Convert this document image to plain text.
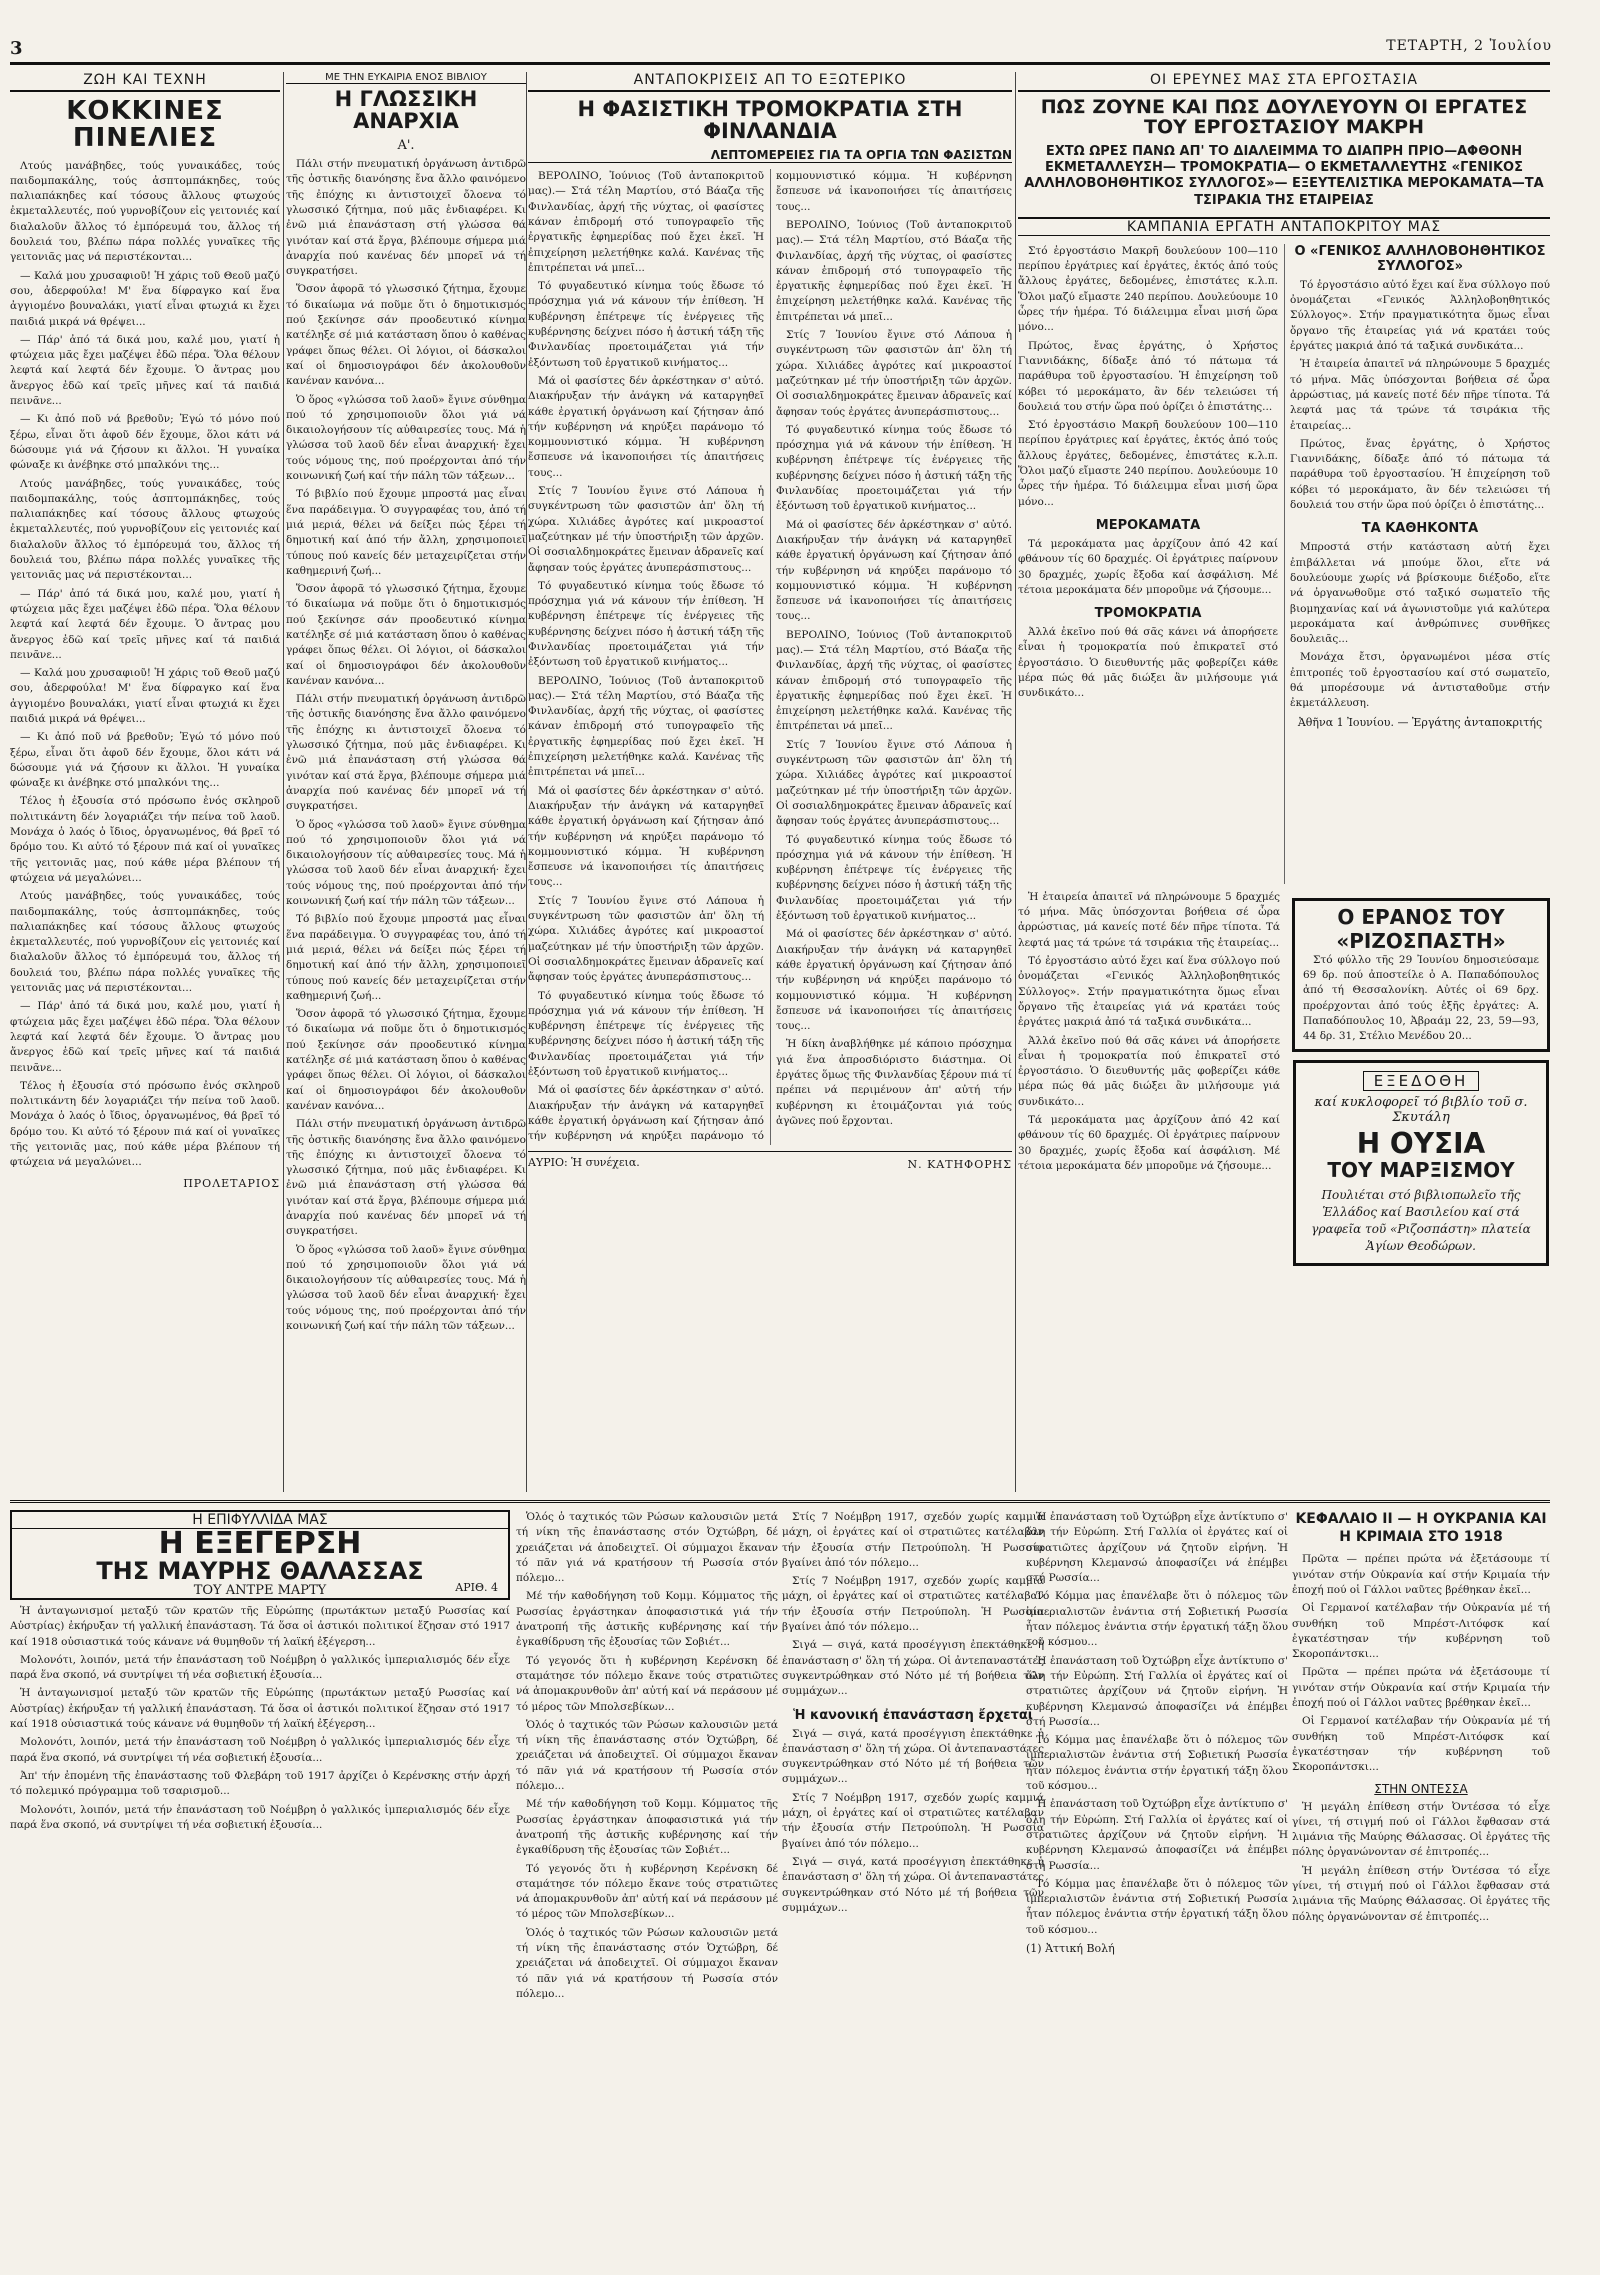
3	ΤΕΤΑΡΤΗ, 2 Ἰουλίου
ΖΩΗ ΚΑΙ ΤΕΧΝΗ
ΚΟΚΚΙΝΕΣ ΠΙΝΕΛΙΕΣ

Λτούς μανάβηδες, τούς γυναικάδες, τούς παιδομπακάλης, τούς ἀσπτομπάκηδες, τούς παλιαπάκηδες καί τόσους ἄλλους φτωχούς ἐκμεταλλευτές, πού γυρνοβίζουν εἰς γειτονιές καί διαλαλοῦν ἄλλος τό ἐμπόρευμά του, ἄλλος τή δουλειά του, βλέπω πάρα πολλές γυναῖκες τῆς γειτονιᾶς μας νά περιστέκονται...

— Καλά μου χρυσαφιοῦ! Ἡ χάρις τοῦ Θεοῦ μαζύ σου, ἀδερφούλα! Μ' ἕνα δίφραγκο καί ἕνα ἀγγιομένο βουναλάκι, γιατί εἶναι φτωχιά κι ἔχει παιδιά μικρά νά θρέψει...

— Πάρ' ἀπό τά δικά μου, καλέ μου, γιατί ἡ φτώχεια μᾶς ἔχει μαζέψει ἐδῶ πέρα. Ὅλα θέλουν λεφτά καί λεφτά δέν ἔχουμε. Ὁ ἄντρας μου ἄνεργος ἐδῶ καί τρεῖς μῆνες καί τά παιδιά πεινᾶνε...

— Κι ἀπό ποῦ νά βρεθοῦν; Ἐγώ τό μόνο πού ξέρω, εἶναι ὅτι ἀφοῦ δέν ἔχουμε, ὅλοι κάτι νά δώσουμε γιά νά ζήσουν κι ἄλλοι. Ἡ γυναίκα φώναξε κι ἀνέβηκε στό μπαλκόνι της...

Λτούς μανάβηδες, τούς γυναικάδες, τούς παιδομπακάλης, τούς ἀσπτομπάκηδες, τούς παλιαπάκηδες καί τόσους ἄλλους φτωχούς ἐκμεταλλευτές, πού γυρνοβίζουν εἰς γειτονιές καί διαλαλοῦν ἄλλος τό ἐμπόρευμά του, ἄλλος τή δουλειά του, βλέπω πάρα πολλές γυναῖκες τῆς γειτονιᾶς μας νά περιστέκονται...

— Πάρ' ἀπό τά δικά μου, καλέ μου, γιατί ἡ φτώχεια μᾶς ἔχει μαζέψει ἐδῶ πέρα. Ὅλα θέλουν λεφτά καί λεφτά δέν ἔχουμε. Ὁ ἄντρας μου ἄνεργος ἐδῶ καί τρεῖς μῆνες καί τά παιδιά πεινᾶνε...

— Καλά μου χρυσαφιοῦ! Ἡ χάρις τοῦ Θεοῦ μαζύ σου, ἀδερφούλα! Μ' ἕνα δίφραγκο καί ἕνα ἀγγιομένο βουναλάκι, γιατί εἶναι φτωχιά κι ἔχει παιδιά μικρά νά θρέψει...

— Κι ἀπό ποῦ νά βρεθοῦν; Ἐγώ τό μόνο πού ξέρω, εἶναι ὅτι ἀφοῦ δέν ἔχουμε, ὅλοι κάτι νά δώσουμε γιά νά ζήσουν κι ἄλλοι. Ἡ γυναίκα φώναξε κι ἀνέβηκε στό μπαλκόνι της...

Τέλος ἡ ἐξουσία στό πρόσωπο ἐνός σκληροῦ πολιτικάντη δέν λογαριάζει τήν πείνα τοῦ λαοῦ. Μονάχα ὁ λαός ὁ ἴδιος, ὀργανωμένος, θά βρεῖ τό δρόμο του. Κι αὐτό τό ξέρουν πιά καί οἱ γυναῖκες τῆς γειτονιᾶς μας, πού κάθε μέρα βλέπουν τή φτώχεια νά μεγαλώνει...

Λτούς μανάβηδες, τούς γυναικάδες, τούς παιδομπακάλης, τούς ἀσπτομπάκηδες, τούς παλιαπάκηδες καί τόσους ἄλλους φτωχούς ἐκμεταλλευτές, πού γυρνοβίζουν εἰς γειτονιές καί διαλαλοῦν ἄλλος τό ἐμπόρευμά του, ἄλλος τή δουλειά του, βλέπω πάρα πολλές γυναῖκες τῆς γειτονιᾶς μας νά περιστέκονται...

— Πάρ' ἀπό τά δικά μου, καλέ μου, γιατί ἡ φτώχεια μᾶς ἔχει μαζέψει ἐδῶ πέρα. Ὅλα θέλουν λεφτά καί λεφτά δέν ἔχουμε. Ὁ ἄντρας μου ἄνεργος ἐδῶ καί τρεῖς μῆνες καί τά παιδιά πεινᾶνε...

Τέλος ἡ ἐξουσία στό πρόσωπο ἐνός σκληροῦ πολιτικάντη δέν λογαριάζει τήν πείνα τοῦ λαοῦ. Μονάχα ὁ λαός ὁ ἴδιος, ὀργανωμένος, θά βρεῖ τό δρόμο του. Κι αὐτό τό ξέρουν πιά καί οἱ γυναῖκες τῆς γειτονιᾶς μας, πού κάθε μέρα βλέπουν τή φτώχεια νά μεγαλώνει...

ΠΡΟΛΕΤΑΡΙΟΣ
ΜΕ ΤΗΝ ΕΥΚΑΙΡΙΑ ΕΝΟΣ ΒΙΒΛΙΟΥ
Η ΓΛΩΣΣΙΚΗ ΑΝΑΡΧΙΑ
Α'.

Πάλι στήν πνευματική ὀργάνωση ἀντιδρῶ τῆς ὁστικῆς διανόησης ἔνα ἄλλο φαινόμενο τῆς ἐπόχης κι ἀντιστοιχεῖ ὄλοενα τό γλωσσικό ζήτημα, πού μᾶς ἐνδιαφέρει. Κι ἐνῶ μιά ἐπανάσταση στή γλώσσα θά γινόταν καί στά ἔργα, βλέπουμε σήμερα μιά ἀναρχία πού κανένας δέν μπορεῖ νά τή συγκρατήσει.

Ὅσον ἀφορᾶ τό γλωσσικό ζήτημα, ἔχουμε τό δικαίωμα νά ποῦμε ὅτι ὁ δημοτικισμός πού ξεκίνησε σάν προοδευτικό κίνημα κατέληξε σέ μιά κατάσταση ὅπου ὁ καθένας γράφει ὅπως θέλει. Οἱ λόγιοι, οἱ δάσκαλοι καί οἱ δημοσιογράφοι δέν ἀκολουθοῦν κανέναν κανόνα...

Ὁ ὅρος «γλώσσα τοῦ λαοῦ» ἔγινε σύνθημα πού τό χρησιμοποιοῦν ὅλοι γιά νά δικαιολογήσουν τίς αὐθαιρεσίες τους. Μά ἡ γλώσσα τοῦ λαοῦ δέν εἶναι ἀναρχική· ἔχει τούς νόμους της, πού προέρχονται ἀπό τήν κοινωνική ζωή καί τήν πάλη τῶν τάξεων...

Τό βιβλίο πού ἔχουμε μπροστά μας εἶναι ἕνα παράδειγμα. Ὁ συγγραφέας του, ἀπό τή μιά μεριά, θέλει νά δείξει πώς ξέρει τή δημοτική καί ἀπό τήν ἄλλη, χρησιμοποιεῖ τύπους πού κανείς δέν μεταχειρίζεται στήν καθημερινή ζωή...

Ὅσον ἀφορᾶ τό γλωσσικό ζήτημα, ἔχουμε τό δικαίωμα νά ποῦμε ὅτι ὁ δημοτικισμός πού ξεκίνησε σάν προοδευτικό κίνημα κατέληξε σέ μιά κατάσταση ὅπου ὁ καθένας γράφει ὅπως θέλει. Οἱ λόγιοι, οἱ δάσκαλοι καί οἱ δημοσιογράφοι δέν ἀκολουθοῦν κανέναν κανόνα...

Πάλι στήν πνευματική ὀργάνωση ἀντιδρῶ τῆς ὁστικῆς διανόησης ἔνα ἄλλο φαινόμενο τῆς ἐπόχης κι ἀντιστοιχεῖ ὄλοενα τό γλωσσικό ζήτημα, πού μᾶς ἐνδιαφέρει. Κι ἐνῶ μιά ἐπανάσταση στή γλώσσα θά γινόταν καί στά ἔργα, βλέπουμε σήμερα μιά ἀναρχία πού κανένας δέν μπορεῖ νά τή συγκρατήσει.

Ὁ ὅρος «γλώσσα τοῦ λαοῦ» ἔγινε σύνθημα πού τό χρησιμοποιοῦν ὅλοι γιά νά δικαιολογήσουν τίς αὐθαιρεσίες τους. Μά ἡ γλώσσα τοῦ λαοῦ δέν εἶναι ἀναρχική· ἔχει τούς νόμους της, πού προέρχονται ἀπό τήν κοινωνική ζωή καί τήν πάλη τῶν τάξεων...

Τό βιβλίο πού ἔχουμε μπροστά μας εἶναι ἕνα παράδειγμα. Ὁ συγγραφέας του, ἀπό τή μιά μεριά, θέλει νά δείξει πώς ξέρει τή δημοτική καί ἀπό τήν ἄλλη, χρησιμοποιεῖ τύπους πού κανείς δέν μεταχειρίζεται στήν καθημερινή ζωή...

Ὅσον ἀφορᾶ τό γλωσσικό ζήτημα, ἔχουμε τό δικαίωμα νά ποῦμε ὅτι ὁ δημοτικισμός πού ξεκίνησε σάν προοδευτικό κίνημα κατέληξε σέ μιά κατάσταση ὅπου ὁ καθένας γράφει ὅπως θέλει. Οἱ λόγιοι, οἱ δάσκαλοι καί οἱ δημοσιογράφοι δέν ἀκολουθοῦν κανέναν κανόνα...

Πάλι στήν πνευματική ὀργάνωση ἀντιδρῶ τῆς ὁστικῆς διανόησης ἔνα ἄλλο φαινόμενο τῆς ἐπόχης κι ἀντιστοιχεῖ ὄλοενα τό γλωσσικό ζήτημα, πού μᾶς ἐνδιαφέρει. Κι ἐνῶ μιά ἐπανάσταση στή γλώσσα θά γινόταν καί στά ἔργα, βλέπουμε σήμερα μιά ἀναρχία πού κανένας δέν μπορεῖ νά τή συγκρατήσει.

Ὁ ὅρος «γλώσσα τοῦ λαοῦ» ἔγινε σύνθημα πού τό χρησιμοποιοῦν ὅλοι γιά νά δικαιολογήσουν τίς αὐθαιρεσίες τους. Μά ἡ γλώσσα τοῦ λαοῦ δέν εἶναι ἀναρχική· ἔχει τούς νόμους της, πού προέρχονται ἀπό τήν κοινωνική ζωή καί τήν πάλη τῶν τάξεων...

ΑΝΤΑΠΟΚΡΙΣΕΙΣ ΑΠ ΤΟ ΕΞΩΤΕΡΙΚΟ
Η ΦΑΣΙΣΤΙΚΗ ΤΡΟΜΟΚΡΑΤΙΑ ΣΤΗ ΦΙΝΛΑΝΔΙΑ
ΛΕΠΤΟΜΕΡΕΙΕΣ ΓΙΑ ΤΑ ΟΡΓΙΑ ΤΩΝ ΦΑΣΙΣΤΩΝ

ΒΕΡΟΛΙΝΟ, Ἰούνιος (Τοῦ ἀνταποκριτοῦ μας).— Στά τέλη Μαρτίου, στό Βάαζα τῆς Φινλανδίας, ἀρχή τῆς νύχτας, οἱ φασίστες κάναν ἐπιδρομή στό τυπογραφεῖο τῆς ἐργατικῆς ἐφημερίδας πού ἔχει ἐκεῖ. Ἡ ἐπιχείρηση μελετήθηκε καλά. Κανένας τῆς ἐπιτρέπεται νά μπεῖ...

Τό φυγαδευτικό κίνημα τούς ἔδωσε τό πρόσχημα γιά νά κάνουν τήν ἐπίθεση. Ἡ κυβέρνηση ἐπέτρεψε τίς ἐνέργειες τῆς κυβέρνησης δείχνει πόσο ἡ ἀστική τάξη τῆς Φινλανδίας προετοιμάζεται γιά τήν ἐξόντωση τοῦ ἐργατικοῦ κινήματος...

Μά οἱ φασίστες δέν ἀρκέστηκαν σ' αὐτό. Διακήρυξαν τήν ἀνάγκη νά καταργηθεῖ κάθε ἐργατική ὀργάνωση καί ζήτησαν ἀπό τήν κυβέρνηση νά κηρύξει παράνομο τό κομμουνιστικό κόμμα. Ἡ κυβέρνηση ἔσπευσε νά ἱκανοποιήσει τίς ἀπαιτήσεις τους...

Στίς 7 Ἰουνίου ἔγινε στό Λάπουα ἡ συγκέντρωση τῶν φασιστῶν ἀπ' ὅλη τή χώρα. Χιλιάδες ἀγρότες καί μικροαστοί μαζεύτηκαν μέ τήν ὑποστήριξη τῶν ἀρχῶν. Οἱ σοσιαλδημοκράτες ἔμειναν ἀδρανεῖς καί ἄφησαν τούς ἐργάτες ἀνυπεράσπιστους...

Τό φυγαδευτικό κίνημα τούς ἔδωσε τό πρόσχημα γιά νά κάνουν τήν ἐπίθεση. Ἡ κυβέρνηση ἐπέτρεψε τίς ἐνέργειες τῆς κυβέρνησης δείχνει πόσο ἡ ἀστική τάξη τῆς Φινλανδίας προετοιμάζεται γιά τήν ἐξόντωση τοῦ ἐργατικοῦ κινήματος...

ΒΕΡΟΛΙΝΟ, Ἰούνιος (Τοῦ ἀνταποκριτοῦ μας).— Στά τέλη Μαρτίου, στό Βάαζα τῆς Φινλανδίας, ἀρχή τῆς νύχτας, οἱ φασίστες κάναν ἐπιδρομή στό τυπογραφεῖο τῆς ἐργατικῆς ἐφημερίδας πού ἔχει ἐκεῖ. Ἡ ἐπιχείρηση μελετήθηκε καλά. Κανένας τῆς ἐπιτρέπεται νά μπεῖ...

Μά οἱ φασίστες δέν ἀρκέστηκαν σ' αὐτό. Διακήρυξαν τήν ἀνάγκη νά καταργηθεῖ κάθε ἐργατική ὀργάνωση καί ζήτησαν ἀπό τήν κυβέρνηση νά κηρύξει παράνομο τό κομμουνιστικό κόμμα. Ἡ κυβέρνηση ἔσπευσε νά ἱκανοποιήσει τίς ἀπαιτήσεις τους...

Στίς 7 Ἰουνίου ἔγινε στό Λάπουα ἡ συγκέντρωση τῶν φασιστῶν ἀπ' ὅλη τή χώρα. Χιλιάδες ἀγρότες καί μικροαστοί μαζεύτηκαν μέ τήν ὑποστήριξη τῶν ἀρχῶν. Οἱ σοσιαλδημοκράτες ἔμειναν ἀδρανεῖς καί ἄφησαν τούς ἐργάτες ἀνυπεράσπιστους...

Τό φυγαδευτικό κίνημα τούς ἔδωσε τό πρόσχημα γιά νά κάνουν τήν ἐπίθεση. Ἡ κυβέρνηση ἐπέτρεψε τίς ἐνέργειες τῆς κυβέρνησης δείχνει πόσο ἡ ἀστική τάξη τῆς Φινλανδίας προετοιμάζεται γιά τήν ἐξόντωση τοῦ ἐργατικοῦ κινήματος...

Μά οἱ φασίστες δέν ἀρκέστηκαν σ' αὐτό. Διακήρυξαν τήν ἀνάγκη νά καταργηθεῖ κάθε ἐργατική ὀργάνωση καί ζήτησαν ἀπό τήν κυβέρνηση νά κηρύξει παράνομο τό κομμουνιστικό κόμμα. Ἡ κυβέρνηση ἔσπευσε νά ἱκανοποιήσει τίς ἀπαιτήσεις τους...

ΒΕΡΟΛΙΝΟ, Ἰούνιος (Τοῦ ἀνταποκριτοῦ μας).— Στά τέλη Μαρτίου, στό Βάαζα τῆς Φινλανδίας, ἀρχή τῆς νύχτας, οἱ φασίστες κάναν ἐπιδρομή στό τυπογραφεῖο τῆς ἐργατικῆς ἐφημερίδας πού ἔχει ἐκεῖ. Ἡ ἐπιχείρηση μελετήθηκε καλά. Κανένας τῆς ἐπιτρέπεται νά μπεῖ...

Στίς 7 Ἰουνίου ἔγινε στό Λάπουα ἡ συγκέντρωση τῶν φασιστῶν ἀπ' ὅλη τή χώρα. Χιλιάδες ἀγρότες καί μικροαστοί μαζεύτηκαν μέ τήν ὑποστήριξη τῶν ἀρχῶν. Οἱ σοσιαλδημοκράτες ἔμειναν ἀδρανεῖς καί ἄφησαν τούς ἐργάτες ἀνυπεράσπιστους...

Τό φυγαδευτικό κίνημα τούς ἔδωσε τό πρόσχημα γιά νά κάνουν τήν ἐπίθεση. Ἡ κυβέρνηση ἐπέτρεψε τίς ἐνέργειες τῆς κυβέρνησης δείχνει πόσο ἡ ἀστική τάξη τῆς Φινλανδίας προετοιμάζεται γιά τήν ἐξόντωση τοῦ ἐργατικοῦ κινήματος...

Μά οἱ φασίστες δέν ἀρκέστηκαν σ' αὐτό. Διακήρυξαν τήν ἀνάγκη νά καταργηθεῖ κάθε ἐργατική ὀργάνωση καί ζήτησαν ἀπό τήν κυβέρνηση νά κηρύξει παράνομο τό κομμουνιστικό κόμμα. Ἡ κυβέρνηση ἔσπευσε νά ἱκανοποιήσει τίς ἀπαιτήσεις τους...

ΒΕΡΟΛΙΝΟ, Ἰούνιος (Τοῦ ἀνταποκριτοῦ μας).— Στά τέλη Μαρτίου, στό Βάαζα τῆς Φινλανδίας, ἀρχή τῆς νύχτας, οἱ φασίστες κάναν ἐπιδρομή στό τυπογραφεῖο τῆς ἐργατικῆς ἐφημερίδας πού ἔχει ἐκεῖ. Ἡ ἐπιχείρηση μελετήθηκε καλά. Κανένας τῆς ἐπιτρέπεται νά μπεῖ...

Στίς 7 Ἰουνίου ἔγινε στό Λάπουα ἡ συγκέντρωση τῶν φασιστῶν ἀπ' ὅλη τή χώρα. Χιλιάδες ἀγρότες καί μικροαστοί μαζεύτηκαν μέ τήν ὑποστήριξη τῶν ἀρχῶν. Οἱ σοσιαλδημοκράτες ἔμειναν ἀδρανεῖς καί ἄφησαν τούς ἐργάτες ἀνυπεράσπιστους...

Τό φυγαδευτικό κίνημα τούς ἔδωσε τό πρόσχημα γιά νά κάνουν τήν ἐπίθεση. Ἡ κυβέρνηση ἐπέτρεψε τίς ἐνέργειες τῆς κυβέρνησης δείχνει πόσο ἡ ἀστική τάξη τῆς Φινλανδίας προετοιμάζεται γιά τήν ἐξόντωση τοῦ ἐργατικοῦ κινήματος...

Μά οἱ φασίστες δέν ἀρκέστηκαν σ' αὐτό. Διακήρυξαν τήν ἀνάγκη νά καταργηθεῖ κάθε ἐργατική ὀργάνωση καί ζήτησαν ἀπό τήν κυβέρνηση νά κηρύξει παράνομο τό κομμουνιστικό κόμμα. Ἡ κυβέρνηση ἔσπευσε νά ἱκανοποιήσει τίς ἀπαιτήσεις τους...

Ἡ δίκη ἀναβλήθηκε μέ κάποιο πρόσχημα γιά ἕνα ἀπροσδιόριστο διάστημα. Οἱ ἐργάτες ὅμως τῆς Φινλανδίας ξέρουν πιά τί πρέπει νά περιμένουν ἀπ' αὐτή τήν κυβέρνηση κι ἑτοιμάζονται γιά τούς ἀγῶνες πού ἔρχονται.

ΑΥΡΙΟ: Ἡ συνέχεια.	Ν. ΚΑΤΗΦΟΡΗΣ
ΟΙ ΕΡΕΥΝΕΣ ΜΑΣ ΣΤΑ ΕΡΓΟΣΤΑΣΙΑ
ΠΩΣ ΖΟΥΝΕ ΚΑΙ ΠΩΣ ΔΟΥΛΕΥΟΥΝ ΟΙ ΕΡΓΑΤΕΣ ΤΟΥ ΕΡΓΟΣΤΑΣΙΟΥ ΜΑΚΡΗ
ΕΧΤΩ ΩΡΕΣ ΠΑΝΩ ΑΠ' ΤΟ ΔΙΑΛΕΙΜΜΑ ΤΟ ΔΙΑΠΡΗ ΠΡΙΟ—ΑΦΘΟΝΗ ΕΚΜΕΤΑΛΛΕΥΣΗ— ΤΡΟΜΟΚΡΑΤΙΑ— Ο ΕΚΜΕΤΑΛΛΕΥΤΗΣ «ΓΕΝΙΚΟΣ ΑΛΛΗΛΟΒΟΗΘΗΤΙΚΟΣ ΣΥΛΛΟΓΟΣ»— ΕΞΕΥΤΕΛΙΣΤΙΚΑ ΜΕΡΟΚΑΜΑΤΑ—ΤΑ ΤΣΙΡΑΚΙΑ ΤΗΣ ΕΤΑΙΡΕΙΑΣ
ΚΑΜΠΑΝΙΑ ΕΡΓΑΤΗ ΑΝΤΑΠΟΚΡΙΤΟΥ ΜΑΣ

Στό ἐργοστάσιο Μακρῆ δουλεύουν 100—110 περίπου ἐργάτριες καί ἐργάτες, ἐκτός ἀπό τούς ἄλλους ἐργάτες, δεδομένες, ἐπιστάτες κ.λ.π. Ὅλοι μαζύ εἴμαστε 240 περίπου. Δουλεύουμε 10 ὧρες τήν ἡμέρα. Τό διάλειμμα εἶναι μισή ὥρα μόνο...

Πρώτος, ἔνας ἐργάτης, ὁ Χρήστος Γιαννιδάκης, δίδαξε ἀπό τό πάτωμα τά παράθυρα τοῦ ἐργοστασίου. Ἡ ἐπιχείρηση τοῦ κόβει τό μεροκάματο, ἂν δέν τελειώσει τή δουλειά του στήν ὥρα πού ὁρίζει ὁ ἐπιστάτης...

Στό ἐργοστάσιο Μακρῆ δουλεύουν 100—110 περίπου ἐργάτριες καί ἐργάτες, ἐκτός ἀπό τούς ἄλλους ἐργάτες, δεδομένες, ἐπιστάτες κ.λ.π. Ὅλοι μαζύ εἴμαστε 240 περίπου. Δουλεύουμε 10 ὧρες τήν ἡμέρα. Τό διάλειμμα εἶναι μισή ὥρα μόνο...

ΜΕΡΟΚΑΜΑΤΑ

Τά μεροκάματα μας ἀρχίζουν ἀπό 42 καί φθάνουν τίς 60 δραχμές. Οἱ ἐργάτριες παίρνουν 30 δραχμές, χωρίς ἔξοδα καί ἀσφάλιση. Μέ τέτοια μεροκάματα δέν μποροῦμε νά ζήσουμε...

ΤΡΟΜΟΚΡΑΤΙΑ

Ἀλλά ἐκεῖνο πού θά σᾶς κάνει νά ἀπορήσετε εἶναι ἡ τρομοκρατία πού ἐπικρατεῖ στό ἐργοστάσιο. Ὁ διευθυντής μᾶς φοβερίζει κάθε μέρα πώς θά μᾶς διώξει ἂν μιλήσουμε γιά συνδικάτο...

Ο «ΓΕΝΙΚΟΣ ΑΛΛΗΛΟΒΟΗΘΗΤΙΚΟΣ ΣΥΛΛΟΓΟΣ»

Τό ἐργοστάσιο αὐτό ἔχει καί ἕνα σύλλογο πού ὀνομάζεται «Γενικός Ἀλληλοβοηθητικός Σύλλογος». Στήν πραγματικότητα ὅμως εἶναι ὄργανο τῆς ἐταιρείας γιά νά κρατάει τούς ἐργάτες μακριά ἀπό τά ταξικά συνδικάτα...

Ἡ ἐταιρεία ἀπαιτεῖ νά πληρώνουμε 5 δραχμές τό μήνα. Μᾶς ὑπόσχονται βοήθεια σέ ὧρα ἀρρώστιας, μά κανείς ποτέ δέν πῆρε τίποτα. Τά λεφτά μας τά τρώνε τά τσιράκια τῆς ἐταιρείας...

Πρώτος, ἔνας ἐργάτης, ὁ Χρήστος Γιαννιδάκης, δίδαξε ἀπό τό πάτωμα τά παράθυρα τοῦ ἐργοστασίου. Ἡ ἐπιχείρηση τοῦ κόβει τό μεροκάματο, ἂν δέν τελειώσει τή δουλειά του στήν ὥρα πού ὁρίζει ὁ ἐπιστάτης...

ΤΑ ΚΑΘΗΚΟΝΤΑ

Μπροστά στήν κατάσταση αὐτή ἔχει ἐπιβάλλεται νά μπούμε ὅλοι, εἴτε νά δουλεύουμε χωρίς νά βρίσκουμε διέξοδο, εἴτε νά ὀργανωθοῦμε στό ταξικό σωματεῖο τῆς βιομηχανίας καί νά ἀγωνιστοῦμε γιά καλύτερα μεροκάματα καί ἀνθρώπινες συνθῆκες δουλειᾶς...

Μονάχα ἔτσι, ὀργανωμένοι μέσα στίς ἐπιτροπές τοῦ ἐργοστασίου καί στό σωματεῖο, θά μπορέσουμε νά ἀντισταθοῦμε στήν ἐκμετάλλευση.

Ἀθῆνα 1 Ἰουνίου. — Ἐργάτης ἀνταποκριτής

Ἡ ἐταιρεία ἀπαιτεῖ νά πληρώνουμε 5 δραχμές τό μήνα. Μᾶς ὑπόσχονται βοήθεια σέ ὧρα ἀρρώστιας, μά κανείς ποτέ δέν πῆρε τίποτα. Τά λεφτά μας τά τρώνε τά τσιράκια τῆς ἐταιρείας...

Τό ἐργοστάσιο αὐτό ἔχει καί ἕνα σύλλογο πού ὀνομάζεται «Γενικός Ἀλληλοβοηθητικός Σύλλογος». Στήν πραγματικότητα ὅμως εἶναι ὄργανο τῆς ἐταιρείας γιά νά κρατάει τούς ἐργάτες μακριά ἀπό τά ταξικά συνδικάτα...

Ἀλλά ἐκεῖνο πού θά σᾶς κάνει νά ἀπορήσετε εἶναι ἡ τρομοκρατία πού ἐπικρατεῖ στό ἐργοστάσιο. Ὁ διευθυντής μᾶς φοβερίζει κάθε μέρα πώς θά μᾶς διώξει ἂν μιλήσουμε γιά συνδικάτο...

Τά μεροκάματα μας ἀρχίζουν ἀπό 42 καί φθάνουν τίς 60 δραχμές. Οἱ ἐργάτριες παίρνουν 30 δραχμές, χωρίς ἔξοδα καί ἀσφάλιση. Μέ τέτοια μεροκάματα δέν μποροῦμε νά ζήσουμε...

Ο ΕΡΑΝΟΣ ΤΟΥ «ΡΙΖΟΣΠΑΣΤΗ»

Στό φύλλο τῆς 29 Ἰουνίου δημοσιεύσαμε 69 δρ. πού ἀποστείλε ὁ Α. Παπαδόπουλος ἀπό τή Θεσσαλονίκη. Αὐτές οἱ 69 δρχ. προέρχονται ἀπό τούς ἑξῆς ἐργάτες: Α. Παπαδόπουλος 10, Ἀβραάμ 22, 23, 59—93, 44 δρ. 31, Στέλιο Μενέδου 20...

ΕΞΕΔΟΘΗ
καί κυκλοφορεῖ τό βιβλίο τοῦ σ. Σκυτάλη
Η ΟΥΣΙΑ
ΤΟΥ ΜΑΡΞΙΣΜΟΥ
Πουλιέται στό βιβλιοπωλεῖο τῆς Ἑλλάδος καί Βασιλείου καί στά γραφεῖα τοῦ «Ριζοσπάστη» πλατεία Ἁγίων Θεοδώρων.
Η ΕΠΙΦΥΛΛΙΔΑ ΜΑΣ
Η ΕΞΕΓΕΡΣΗ
ΤΗΣ ΜΑΥΡΗΣ ΘΑΛΑΣΣΑΣ
ΤΟΥ ΑΝΤΡΕ ΜΑΡΤΥ	ΑΡΙΘ. 4

Ἡ ἀνταγωνισμοί μεταξύ τῶν κρατῶν τῆς Εὐρώπης (πρωτάκτων μεταξύ Ρωσσίας καί Αὐστρίας) ἐκήρυξαν τή γαλλική ἐπανάσταση. Τά ὅσα οἱ ἀστικόι πολιτικοί ἔζησαν στό 1917 καί 1918 οὐσιαστικά τούς κάνανε νά θυμηθοῦν τή λαϊκή ἐξέγερση...

Μολονότι, λοιπόν, μετά τήν ἐπανάσταση τοῦ Νοέμβρη ὁ γαλλικός ἰμπεριαλισμός δέν εἶχε παρά ἕνα σκοπό, νά συντρίψει τή νέα σοβιετική ἐξουσία...

Ἡ ἀνταγωνισμοί μεταξύ τῶν κρατῶν τῆς Εὐρώπης (πρωτάκτων μεταξύ Ρωσσίας καί Αὐστρίας) ἐκήρυξαν τή γαλλική ἐπανάσταση. Τά ὅσα οἱ ἀστικόι πολιτικοί ἔζησαν στό 1917 καί 1918 οὐσιαστικά τούς κάνανε νά θυμηθοῦν τή λαϊκή ἐξέγερση...

Μολονότι, λοιπόν, μετά τήν ἐπανάσταση τοῦ Νοέμβρη ὁ γαλλικός ἰμπεριαλισμός δέν εἶχε παρά ἕνα σκοπό, νά συντρίψει τή νέα σοβιετική ἐξουσία...

Ἀπ' τήν ἐπομένη τῆς ἐπανάστασης τοῦ Φλεβάρη τοῦ 1917 ἀρχίζει ὁ Κερένσκης στήν ἀρχή τό πολεμικό πρόγραμμα τοῦ τσαρισμοῦ...

Μολονότι, λοιπόν, μετά τήν ἐπανάσταση τοῦ Νοέμβρη ὁ γαλλικός ἰμπεριαλισμός δέν εἶχε παρά ἕνα σκοπό, νά συντρίψει τή νέα σοβιετική ἐξουσία...

Ὁλός ὁ ταχτικός τῶν Ρώσων καλουσιῶν μετά τή νίκη τῆς ἐπανάστασης στόν Ὀχτώβρη, δέ χρειάζεται νά ἀποδειχτεῖ. Οἱ σύμμαχοι ἔκαναν τό πᾶν γιά νά κρατήσουν τή Ρωσσία στόν πόλεμο...

Μέ τήν καθοδήγηση τοῦ Κομμ. Κόμματος τῆς Ρωσσίας ἐργάστηκαν ἀποφασιστικά γιά τήν ἀνατροπή τῆς ἀστικῆς κυβέρνησης καί τήν ἐγκαθίδρυση τῆς ἐξουσίας τῶν Σοβιέτ...

Τό γεγονός ὅτι ἡ κυβέρνηση Κερένσκη δέ σταμάτησε τόν πόλεμο ἔκανε τούς στρατιῶτες νά ἀπομακρυνθοῦν ἀπ' αὐτή καί νά περάσουν μέ τό μέρος τῶν Μπολσεβίκων...

Ὁλός ὁ ταχτικός τῶν Ρώσων καλουσιῶν μετά τή νίκη τῆς ἐπανάστασης στόν Ὀχτώβρη, δέ χρειάζεται νά ἀποδειχτεῖ. Οἱ σύμμαχοι ἔκαναν τό πᾶν γιά νά κρατήσουν τή Ρωσσία στόν πόλεμο...

Μέ τήν καθοδήγηση τοῦ Κομμ. Κόμματος τῆς Ρωσσίας ἐργάστηκαν ἀποφασιστικά γιά τήν ἀνατροπή τῆς ἀστικῆς κυβέρνησης καί τήν ἐγκαθίδρυση τῆς ἐξουσίας τῶν Σοβιέτ...

Τό γεγονός ὅτι ἡ κυβέρνηση Κερένσκη δέ σταμάτησε τόν πόλεμο ἔκανε τούς στρατιῶτες νά ἀπομακρυνθοῦν ἀπ' αὐτή καί νά περάσουν μέ τό μέρος τῶν Μπολσεβίκων...

Ὁλός ὁ ταχτικός τῶν Ρώσων καλουσιῶν μετά τή νίκη τῆς ἐπανάστασης στόν Ὀχτώβρη, δέ χρειάζεται νά ἀποδειχτεῖ. Οἱ σύμμαχοι ἔκαναν τό πᾶν γιά νά κρατήσουν τή Ρωσσία στόν πόλεμο...

Στίς 7 Νοέμβρη 1917, σχεδόν χωρίς καμμιά μάχη, οἱ ἐργάτες καί οἱ στρατιῶτες κατέλαβαν τήν ἐξουσία στήν Πετρούπολη. Ἡ Ρωσσία βγαίνει ἀπό τόν πόλεμο...

Στίς 7 Νοέμβρη 1917, σχεδόν χωρίς καμμιά μάχη, οἱ ἐργάτες καί οἱ στρατιῶτες κατέλαβαν τήν ἐξουσία στήν Πετρούπολη. Ἡ Ρωσσία βγαίνει ἀπό τόν πόλεμο...

Σιγά — σιγά, κατά προσέγγιση ἐπεκτάθηκε ἡ ἐπανάσταση σ' ὅλη τή χώρα. Οἱ ἀντεπαναστάτες συγκεντρώθηκαν στό Νότο μέ τή βοήθεια τῶν συμμάχων...

Ἡ κανονική ἐπανάσταση ἔρχεται

Σιγά — σιγά, κατά προσέγγιση ἐπεκτάθηκε ἡ ἐπανάσταση σ' ὅλη τή χώρα. Οἱ ἀντεπαναστάτες συγκεντρώθηκαν στό Νότο μέ τή βοήθεια τῶν συμμάχων...

Στίς 7 Νοέμβρη 1917, σχεδόν χωρίς καμμιά μάχη, οἱ ἐργάτες καί οἱ στρατιῶτες κατέλαβαν τήν ἐξουσία στήν Πετρούπολη. Ἡ Ρωσσία βγαίνει ἀπό τόν πόλεμο...

Σιγά — σιγά, κατά προσέγγιση ἐπεκτάθηκε ἡ ἐπανάσταση σ' ὅλη τή χώρα. Οἱ ἀντεπαναστάτες συγκεντρώθηκαν στό Νότο μέ τή βοήθεια τῶν συμμάχων...

Ἡ ἐπανάσταση τοῦ Ὀχτώβρη εἶχε ἀντίκτυπο σ' ὅλη τήν Εὐρώπη. Στή Γαλλία οἱ ἐργάτες καί οἱ στρατιῶτες ἀρχίζουν νά ζητοῦν εἰρήνη. Ἡ κυβέρνηση Κλεμανσώ ἀποφασίζει νά ἐπέμβει στή Ρωσσία...

Τό Κόμμα μας ἐπανέλαβε ὅτι ὁ πόλεμος τῶν ἰμπεριαλιστῶν ἐνάντια στή Σοβιετική Ρωσσία ἦταν πόλεμος ἐνάντια στήν ἐργατική τάξη ὅλου τοῦ κόσμου...

Ἡ ἐπανάσταση τοῦ Ὀχτώβρη εἶχε ἀντίκτυπο σ' ὅλη τήν Εὐρώπη. Στή Γαλλία οἱ ἐργάτες καί οἱ στρατιῶτες ἀρχίζουν νά ζητοῦν εἰρήνη. Ἡ κυβέρνηση Κλεμανσώ ἀποφασίζει νά ἐπέμβει στή Ρωσσία...

Τό Κόμμα μας ἐπανέλαβε ὅτι ὁ πόλεμος τῶν ἰμπεριαλιστῶν ἐνάντια στή Σοβιετική Ρωσσία ἦταν πόλεμος ἐνάντια στήν ἐργατική τάξη ὅλου τοῦ κόσμου...

Ἡ ἐπανάσταση τοῦ Ὀχτώβρη εἶχε ἀντίκτυπο σ' ὅλη τήν Εὐρώπη. Στή Γαλλία οἱ ἐργάτες καί οἱ στρατιῶτες ἀρχίζουν νά ζητοῦν εἰρήνη. Ἡ κυβέρνηση Κλεμανσώ ἀποφασίζει νά ἐπέμβει στή Ρωσσία...

Τό Κόμμα μας ἐπανέλαβε ὅτι ὁ πόλεμος τῶν ἰμπεριαλιστῶν ἐνάντια στή Σοβιετική Ρωσσία ἦταν πόλεμος ἐνάντια στήν ἐργατική τάξη ὅλου τοῦ κόσμου...

(1) Ἀττική Βολή
ΚΕΦΑΛΑΙΟ ΙΙ — Η ΟΥΚΡΑΝΙΑ ΚΑΙ Η ΚΡΙΜΑΙΑ ΣΤΟ 1918

Πρῶτα — πρέπει πρώτα νά ἐξετάσουμε τί γινόταν στήν Οὐκρανία καί στήν Κριμαία τήν ἐποχή πού οἱ Γάλλοι ναῦτες βρέθηκαν ἐκεῖ...

Οἱ Γερμανοί κατέλαβαν τήν Οὐκρανία μέ τή συνθήκη τοῦ Μπρέστ-Λιτόφσκ καί ἐγκατέστησαν τήν κυβέρνηση τοῦ Σκοροπάντσκι...

Πρῶτα — πρέπει πρώτα νά ἐξετάσουμε τί γινόταν στήν Οὐκρανία καί στήν Κριμαία τήν ἐποχή πού οἱ Γάλλοι ναῦτες βρέθηκαν ἐκεῖ...

Οἱ Γερμανοί κατέλαβαν τήν Οὐκρανία μέ τή συνθήκη τοῦ Μπρέστ-Λιτόφσκ καί ἐγκατέστησαν τήν κυβέρνηση τοῦ Σκοροπάντσκι...

ΣΤΗΝ ΟΝΤΕΣΣΑ

Ἡ μεγάλη ἐπίθεση στήν Ὀντέσσα τό εἶχε γίνει, τή στιγμή πού οἱ Γάλλοι ἔφθασαν στά λιμάνια τῆς Μαύρης Θάλασσας. Οἱ ἐργάτες τῆς πόλης ὀργανώνονταν σέ ἐπιτροπές...

Ἡ μεγάλη ἐπίθεση στήν Ὀντέσσα τό εἶχε γίνει, τή στιγμή πού οἱ Γάλλοι ἔφθασαν στά λιμάνια τῆς Μαύρης Θάλασσας. Οἱ ἐργάτες τῆς πόλης ὀργανώνονταν σέ ἐπιτροπές...
